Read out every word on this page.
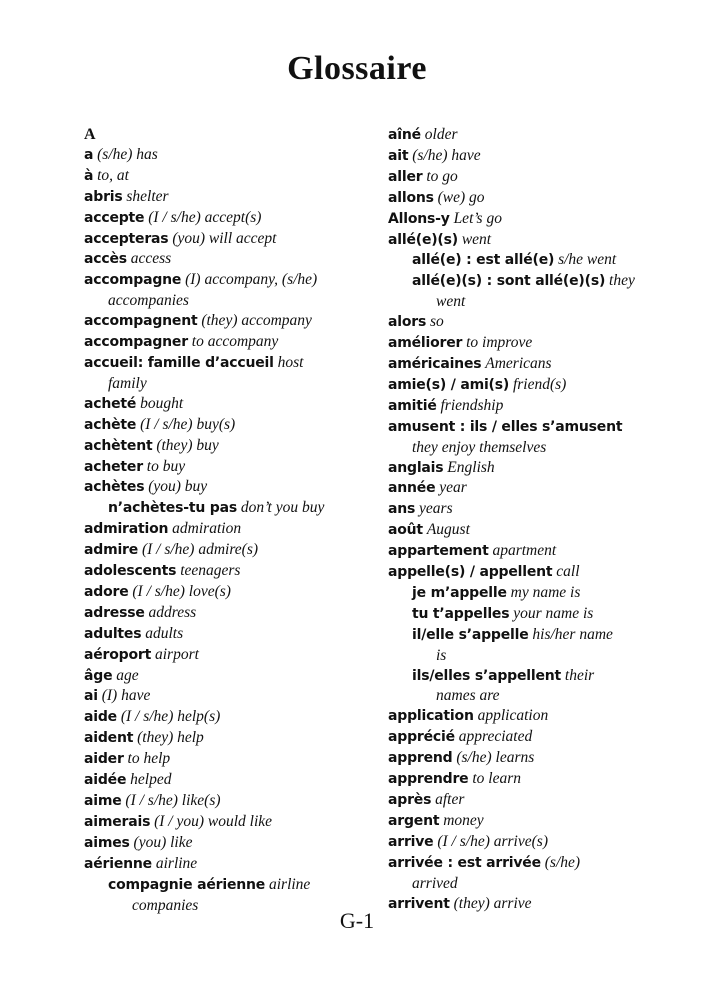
Glossaire
A
a (s/he) has
à to, at
abris shelter
accepte (I / s/he) accept(s)
accepteras (you) will accept
accès access
accompagne (I) accompany, (s/he)
accompanies
accompagnent (they) accompany
accompagner to accompany
accueil: famille d’accueil host
family
acheté bought
achète (I / s/he) buy(s)
achètent (they) buy
acheter to buy
achètes (you) buy
n’achètes-tu pas don’t you buy
admiration admiration
admire (I / s/he) admire(s)
adolescents teenagers
adore (I / s/he) love(s)
adresse address
adultes adults
aéroport airport
âge age
ai (I) have
aide (I / s/he) help(s)
aident (they) help
aider to help
aidée helped
aime (I / s/he) like(s)
aimerais (I / you) would like
aimes (you) like
aérienne airline
compagnie aérienne airline
companies
aîné older
ait (s/he) have
aller to go
allons (we) go
Allons-y Let’s go
allé(e)(s) went
allé(e) : est allé(e) s/he went
allé(e)(s) : sont allé(e)(s) they
went
alors so
améliorer to improve
américaines Americans
amie(s) / ami(s) friend(s)
amitié friendship
amusent : ils / elles s’amusent
they enjoy themselves
anglais English
année year
ans years
août August
appartement apartment
appelle(s) / appellent call
je m’appelle my name is
tu t’appelles your name is
il/elle s’appelle his/her name
is
ils/elles s’appellent their
names are
application application
apprécié appreciated
apprend (s/he) learns
apprendre to learn
après after
argent money
arrive (I / s/he) arrive(s)
arrivée : est arrivée (s/he)
arrived
arrivent (they) arrive
G-1
